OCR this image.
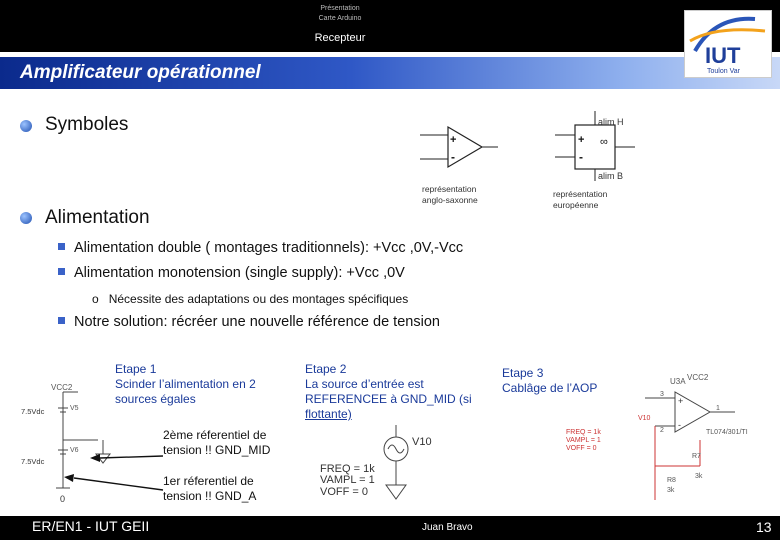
Présentation
Carte Arduino
Recepteur
Amplificateur opérationnel
IUT
Toulon Var
Symboles
Alimentation
Alimentation double ( montages traditionnels): +Vcc ,0V,-Vcc
Alimentation monotension (single supply): +Vcc ,0V
o Nécessite des adaptations ou des montages spécifiques
Notre solution: récréer une nouvelle référence de tension
+
-
représentation
anglo-saxonne
+
-
∞
alim H
alim B
représentation
européenne
VCC2
V5
7.5Vdc
V6
7.5Vdc
0
Etape 1
Scinder l’alimentation en 2
sources égales
2ème réferentiel de
tension !! GND_MID
1er réferentiel de
tension !! GND_A
Etape 2
La source d’entrée est
REFERENCEE à GND_MID (si
flottante)
V10
FREQ = 1k
VAMPL = 1
VOFF = 0
Etape 3
Cablâge de l’AOP
VCC2
U3A
+
-
3
2
1
TL074/301/TI
V10
R7
3k
R8
3k
FREQ = 1k
VAMPL = 1
VOFF = 0
ER/EN1 - IUT GEII	Juan Bravo	13
